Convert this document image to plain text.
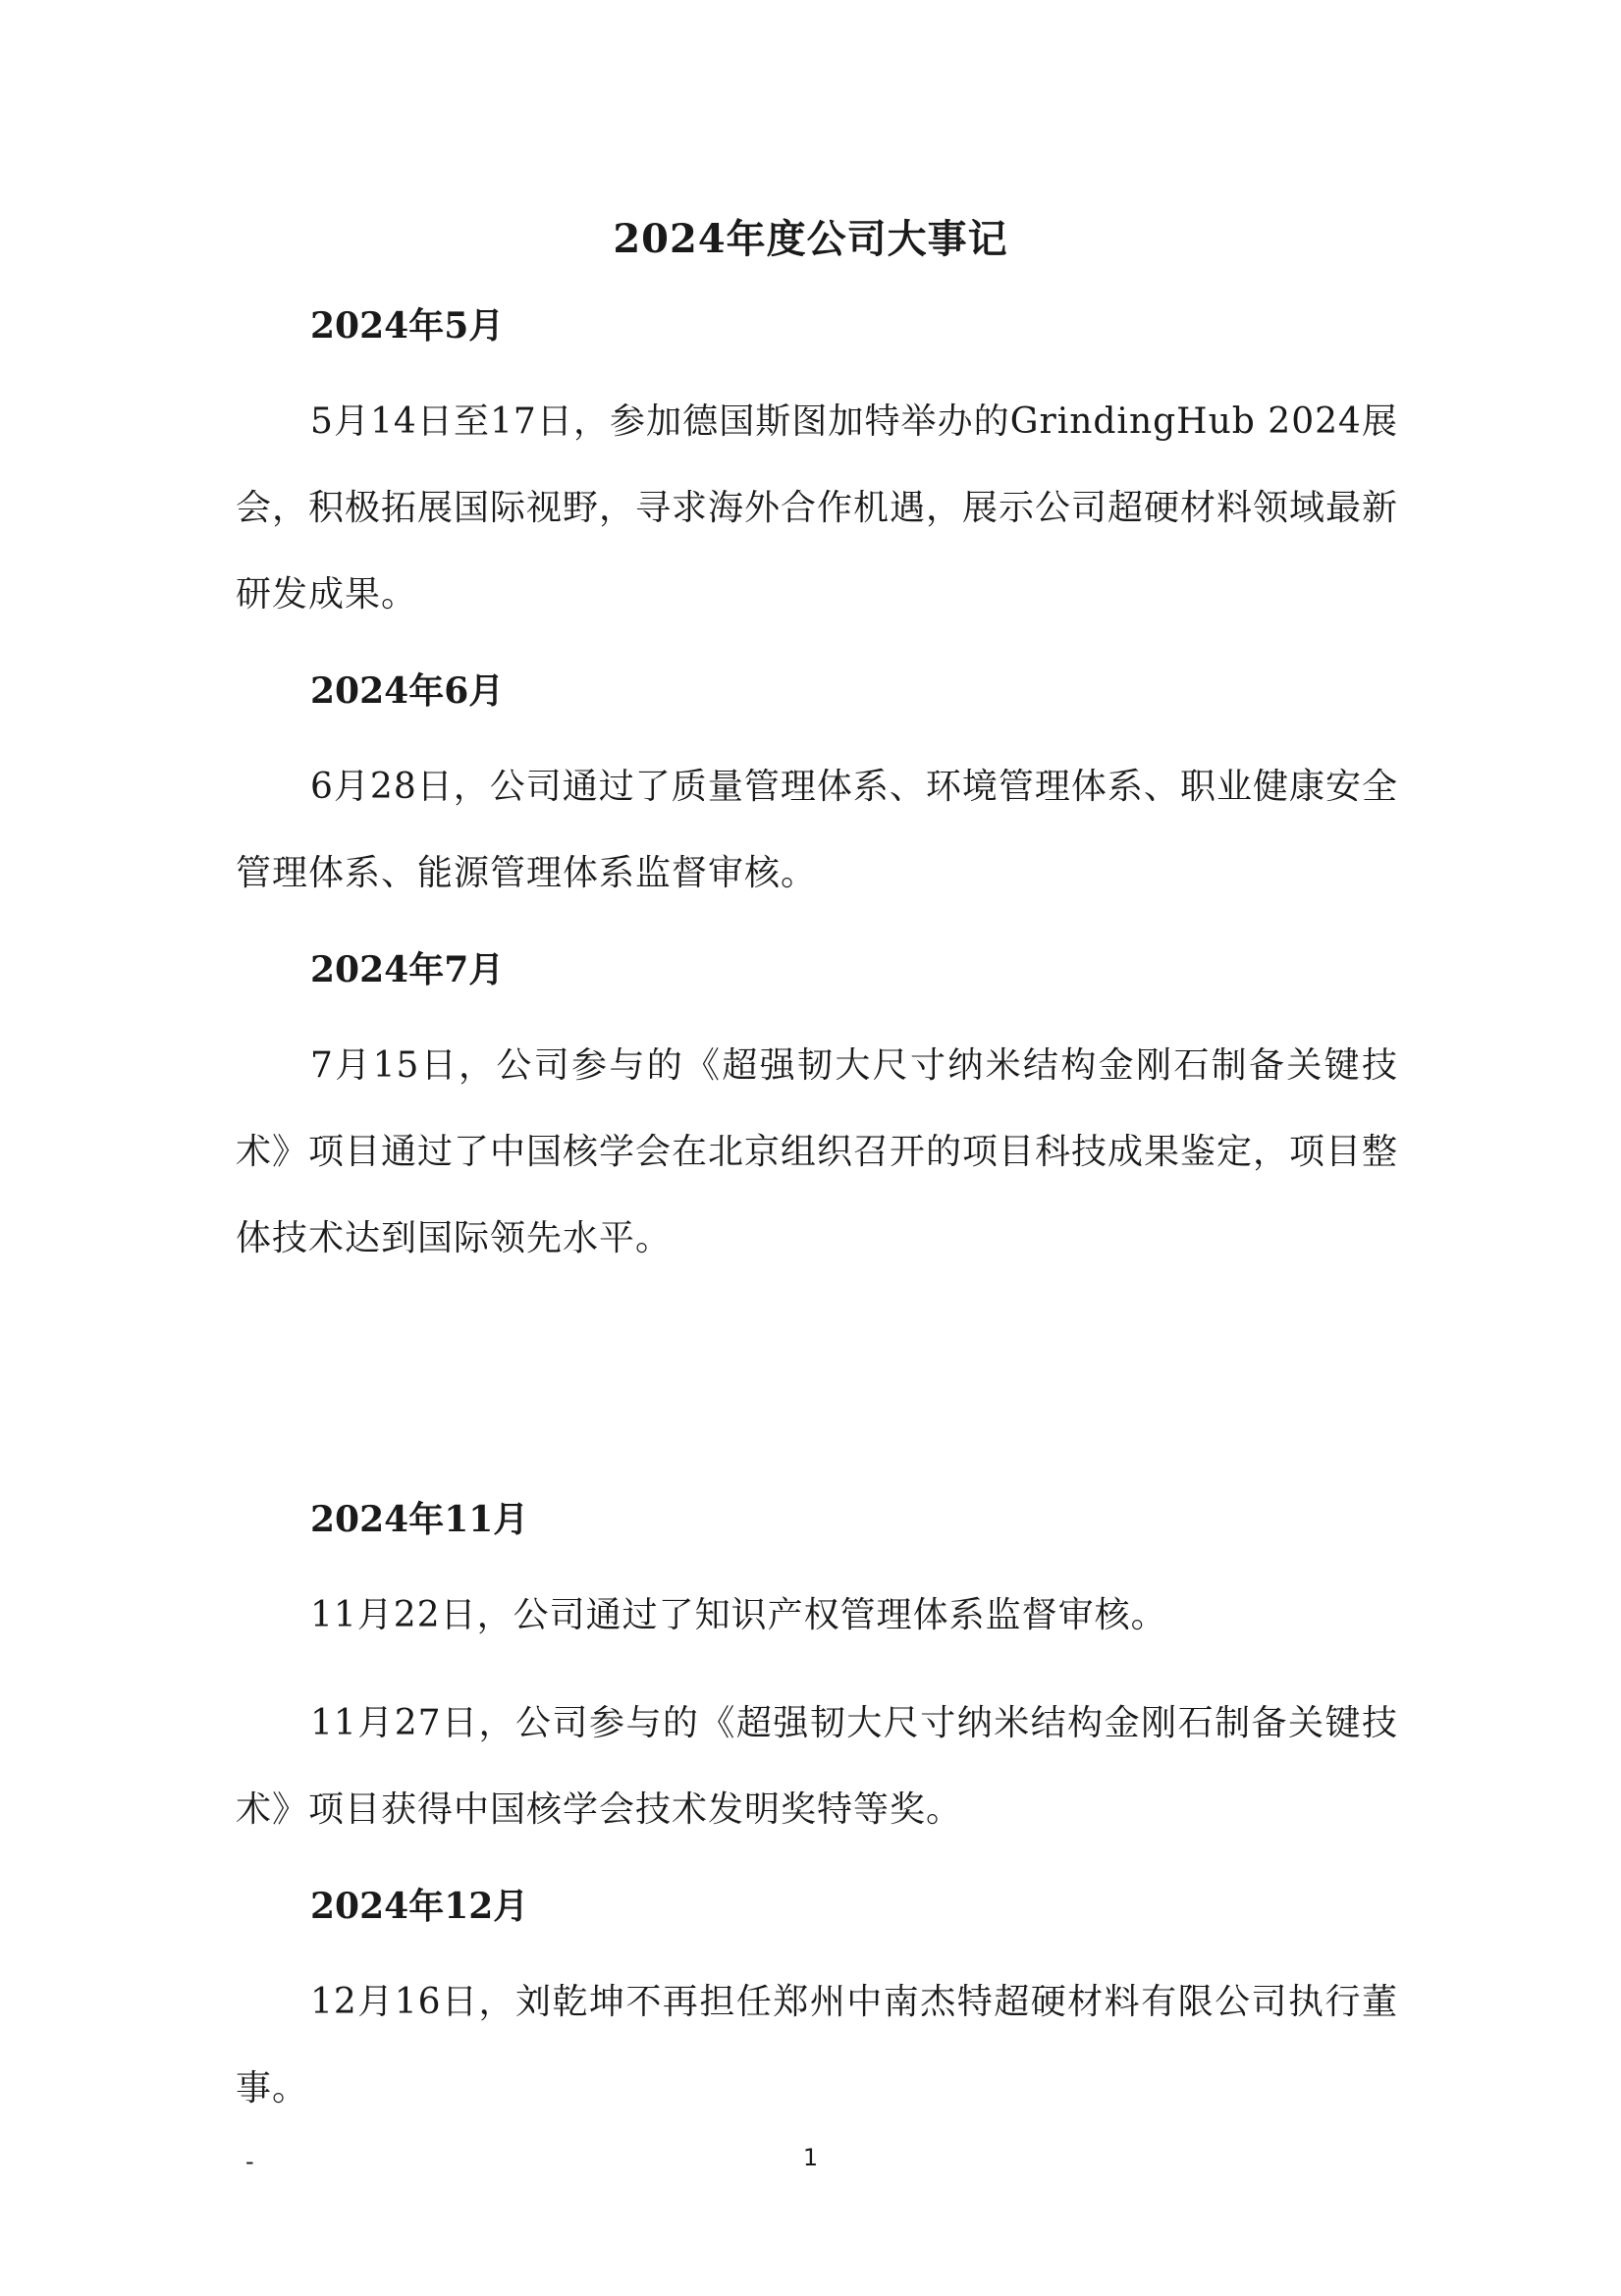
2024年度公司大事记
2024年5月

5月14日至17日，参加德国斯图加特举办的GrindingHub 2024展会，积极拓展国际视野，寻求海外合作机遇，展示公司超硬材料领域最新研发成果。

2024年6月

6月28日，公司通过了质量管理体系、环境管理体系、职业健康安全管理体系、能源管理体系监督审核。

2024年7月

7月15日，公司参与的《超强韧大尺寸纳米结构金刚石制备关键技术》项目通过了中国核学会在北京组织召开的项目科技成果鉴定，项目整体技术达到国际领先水平。

2024年11月

11月22日，公司通过了知识产权管理体系监督审核。

11月27日，公司参与的《超强韧大尺寸纳米结构金刚石制备关键技术》项目获得中国核学会技术发明奖特等奖。

2024年12月

12月16日，刘乾坤不再担任郑州中南杰特超硬材料有限公司执行董事。

-	1
